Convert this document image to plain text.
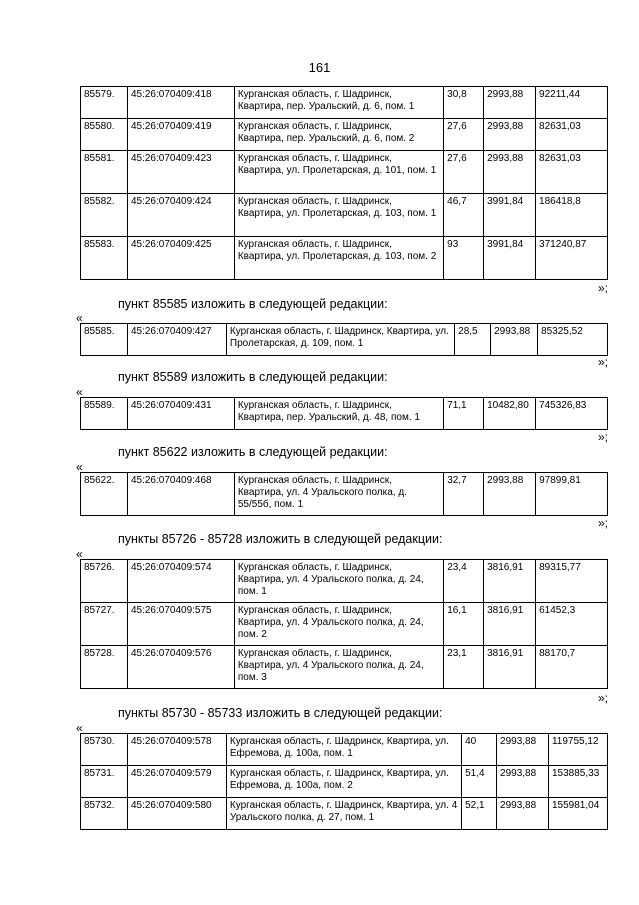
161
85579.	45:26:070409:418	Курганская область, г. Шадринск, Квартира, пер. Уральский, д. 6, пом. 1	30,8	2993,88	92211,44
85580.	45:26:070409:419	Курганская область, г. Шадринск, Квартира, пер. Уральский, д. 6, пом. 2	27,6	2993,88	82631,03
85581.	45:26:070409:423	Курганская область, г. Шадринск, Квартира, ул. Пролетарская, д. 101, пом. 1	27,6	2993,88	82631,03
85582.	45:26:070409:424	Курганская область, г. Шадринск, Квартира, ул. Пролетарская, д. 103, пом. 1	46,7	3991,84	186418,8
85583.	45:26:070409:425	Курганская область, г. Шадринск, Квартира, ул. Пролетарская, д. 103, пом. 2	93	3991,84	371240,87
»;
пункт 85585 изложить в следующей редакции:
«
85585.	45:26:070409:427	Курганская область, г. Шадринск, Квартира, ул. Пролетарская, д. 109, пом. 1	28,5	2993,88	85325,52
»;
пункт 85589 изложить в следующей редакции:
«
85589.	45:26:070409:431	Курганская область, г. Шадринск, Квартира, пер. Уральский, д. 48, пом. 1	71,1	10482,80	745326,83
»;
пункт 85622 изложить в следующей редакции:
«
85622.	45:26:070409:468	Курганская область, г. Шадринск, Квартира, ул. 4 Уральского полка, д. 55/55б, пом. 1	32,7	2993,88	97899,81
»;
пункты 85726 - 85728 изложить в следующей редакции:
«
85726.	45:26:070409:574	Курганская область, г. Шадринск, Квартира, ул. 4 Уральского полка, д. 24, пом. 1	23,4	3816,91	89315,77
85727.	45:26:070409:575	Курганская область, г. Шадринск, Квартира, ул. 4 Уральского полка, д. 24, пом. 2	16,1	3816,91	61452,3
85728.	45:26:070409:576	Курганская область, г. Шадринск, Квартира, ул. 4 Уральского полка, д. 24, пом. 3	23,1	3816,91	88170,7
»;
пункты 85730 - 85733 изложить в следующей редакции:
«
85730.	45:26:070409:578	Курганская область, г. Шадринск, Квартира, ул. Ефремова, д. 100а, пом. 1	40	2993,88	119755,12
85731.	45:26:070409:579	Курганская область, г. Шадринск, Квартира, ул. Ефремова, д. 100а, пом. 2	51,4	2993,88	153885,33
85732.	45:26:070409:580	Курганская область, г. Шадринск, Квартира, ул. 4 Уральского полка, д. 27, пом. 1	52,1	2993,88	155981,04
